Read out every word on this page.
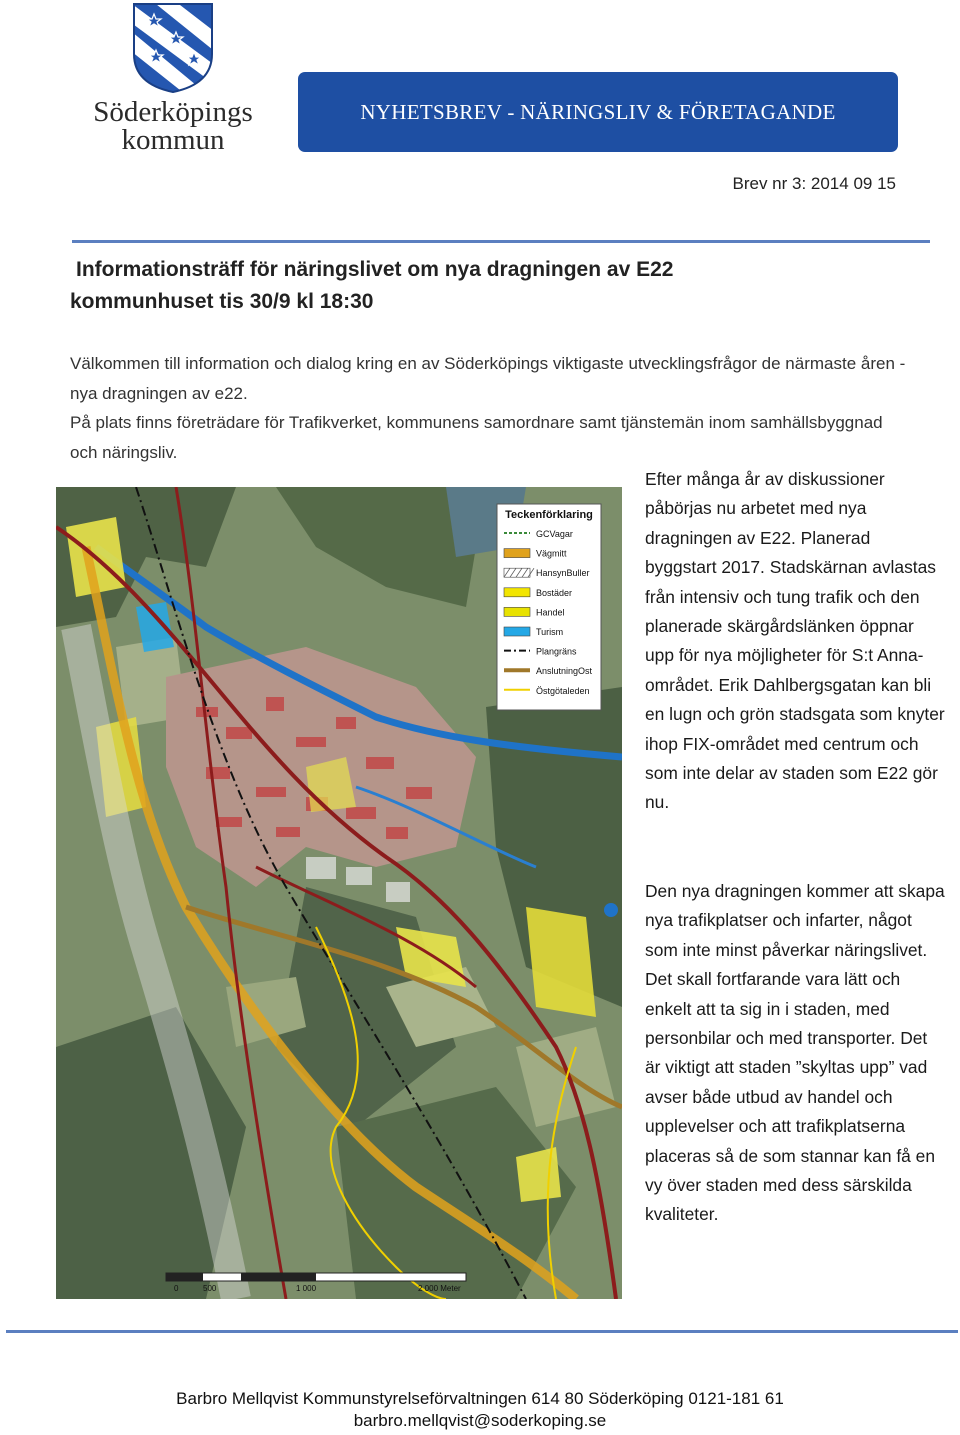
Söderköpings
kommun
NYHETSBREV - NÄRINGSLIV & FÖRETAGANDE
Brev nr 3: 2014 09 15
Informationsträff för näringslivet om nya dragningen av E22
kommunhuset tis 30/9 kl 18:30

Välkommen till information och dialog kring en av Söderköpings viktigaste utvecklingsfrågor de närmaste åren - nya dragningen av e22.

På plats finns företrädare för Trafikverket, kommunens samordnare samt tjänstemän inom samhällsbyggnad och näringsliv.

Teckenförklaring
GCVagar
Vägmitt
HansynBuller
Bostäder
Handel
Turism
Plangräns
AnslutningOst
Östgötaleden
0	500	1 000	2 000 Meter
Efter många år av diskussioner påbörjas nu arbetet med nya dragningen av E22. Planerad byggstart 2017. Stadskärnan avlastas från intensiv och tung trafik och den planerade skärgårdslänken öppnar upp för nya möjligheter för S:t Anna-området. Erik Dahlbergsgatan kan bli en lugn och grön stadsgata som knyter ihop FIX-området med centrum och som inte delar av staden som E22 gör nu.
Den nya dragningen kommer att skapa nya trafikplatser och infarter, något som inte minst påverkar näringslivet. Det skall fortfarande vara lätt och enkelt att ta sig in i staden, med personbilar och med transporter. Det är viktigt att staden ”skyltas upp” vad avser både utbud av handel och upplevelser och att trafikplatserna placeras så de som stannar kan få en vy över staden med dess särskilda kvaliteter.
Barbro Mellqvist Kommunstyrelseförvaltningen 614 80 Söderköping 0121-181 61
barbro.mellqvist@soderkoping.se
